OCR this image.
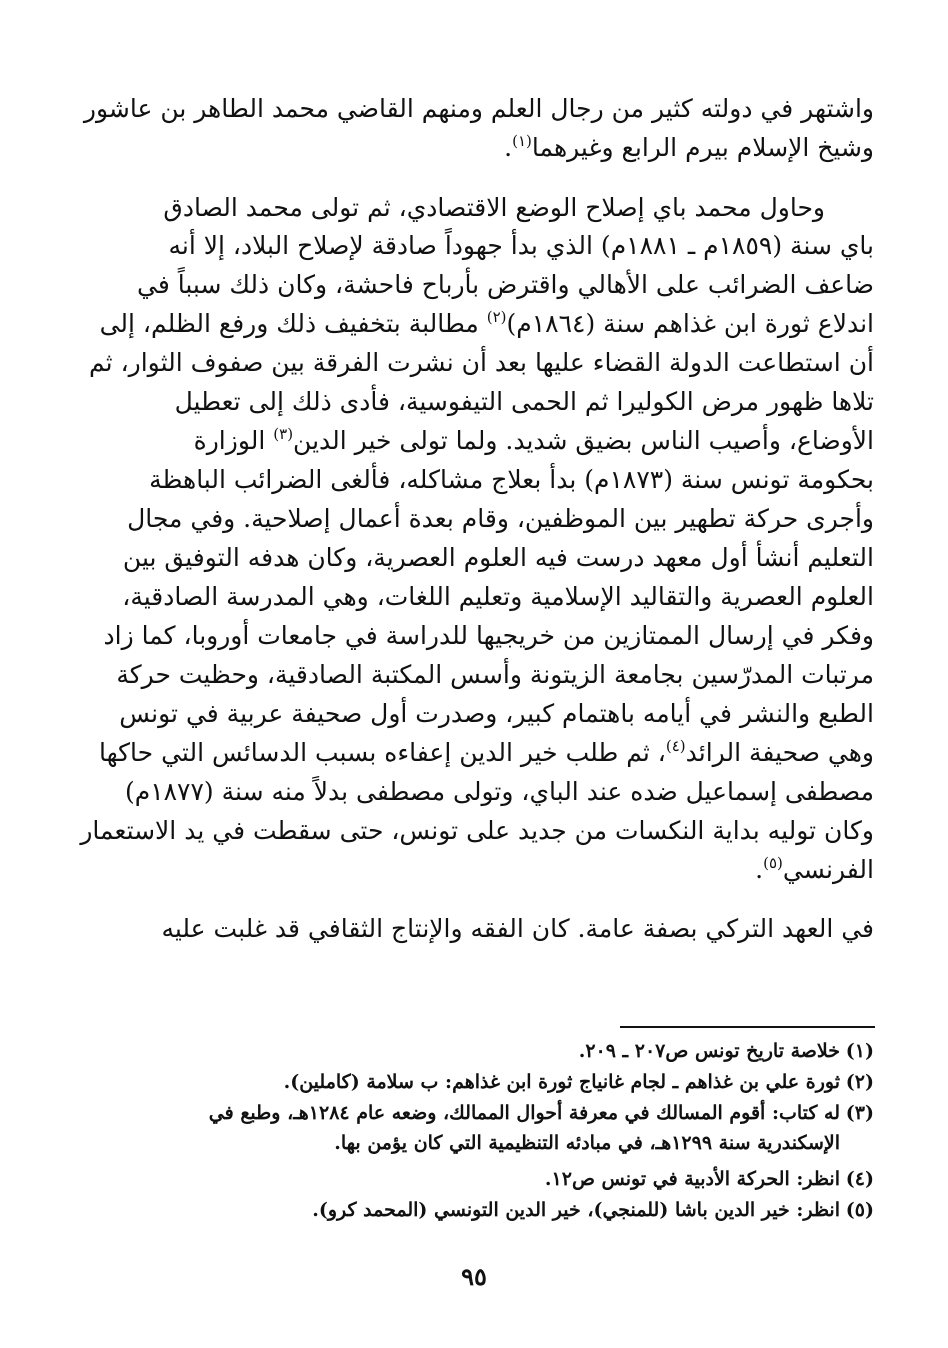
واشتهر في دولته كثير من رجال العلم ومنهم القاضي محمد الطاهر بن عاشور

وشيخ الإسلام بيرم الرابع وغيرهما$^{(١)}$.

وحاول محمد باي إصلاح الوضع الاقتصادي، ثم تولى محمد الصادق

باي سنة (١٨٥٩م ـ ١٨٨١م) الذي بدأ جهوداً صادقة لإصلاح البلاد، إلا أنه

ضاعف الضرائب على الأهالي واقترض بأرباح فاحشة، وكان ذلك سبباً في

اندلاع ثورة ابن غذاهم سنة (١٨٦٤م)$^{(٢)}$ مطالبة بتخفيف ذلك ورفع الظلم، إلى

أن استطاعت الدولة القضاء عليها بعد أن نشرت الفرقة بين صفوف الثوار، ثم

تلاها ظهور مرض الكوليرا ثم الحمى التيفوسية، فأدى ذلك إلى تعطيل

الأوضاع، وأصيب الناس بضيق شديد. ولما تولى خير الدين$^{(٣)}$ الوزارة

بحكومة تونس سنة (١٨٧٣م) بدأ بعلاج مشاكله، فألغى الضرائب الباهظة

وأجرى حركة تطهير بين الموظفين، وقام بعدة أعمال إصلاحية. وفي مجال

التعليم أنشأ أول معهد درست فيه العلوم العصرية، وكان هدفه التوفيق بين

العلوم العصرية والتقاليد الإسلامية وتعليم اللغات، وهي المدرسة الصادقية،

وفكر في إرسال الممتازين من خريجيها للدراسة في جامعات أوروبا، كما زاد

مرتبات المدرّسين بجامعة الزيتونة وأسس المكتبة الصادقية، وحظيت حركة

الطبع والنشر في أيامه باهتمام كبير، وصدرت أول صحيفة عربية في تونس

وهي صحيفة الرائد$^{(٤)}$، ثم طلب خير الدين إعفاءه بسبب الدسائس التي حاكها

مصطفى إسماعيل ضده عند الباي، وتولى مصطفى بدلاً منه سنة (١٨٧٧م)

وكان توليه بداية النكسات من جديد على تونس، حتى سقطت في يد الاستعمار

الفرنسي$^{(٥)}$.

في العهد التركي بصفة عامة. كان الفقه والإنتاج الثقافي قد غلبت عليه

(١)خلاصة تاريخ تونس ص٢٠٧ ـ ٢٠٩.

(٢)ثورة علي بن غذاهم ـ لجام غانياج ثورة ابن غذاهم: ب سلامة (كاملين).

(٣)له كتاب: أقوم المسالك في معرفة أحوال الممالك، وضعه عام ١٢٨٤هـ، وطبع في

الإسكندرية سنة ١٢٩٩هـ، في مبادئه التنظيمية التي كان يؤمن بها.

(٤)انظر: الحركة الأدبية في تونس ص١٢.

(٥)انظر: خير الدين باشا (للمنجي)، خير الدين التونسي (المحمد كرو).

٩٥
